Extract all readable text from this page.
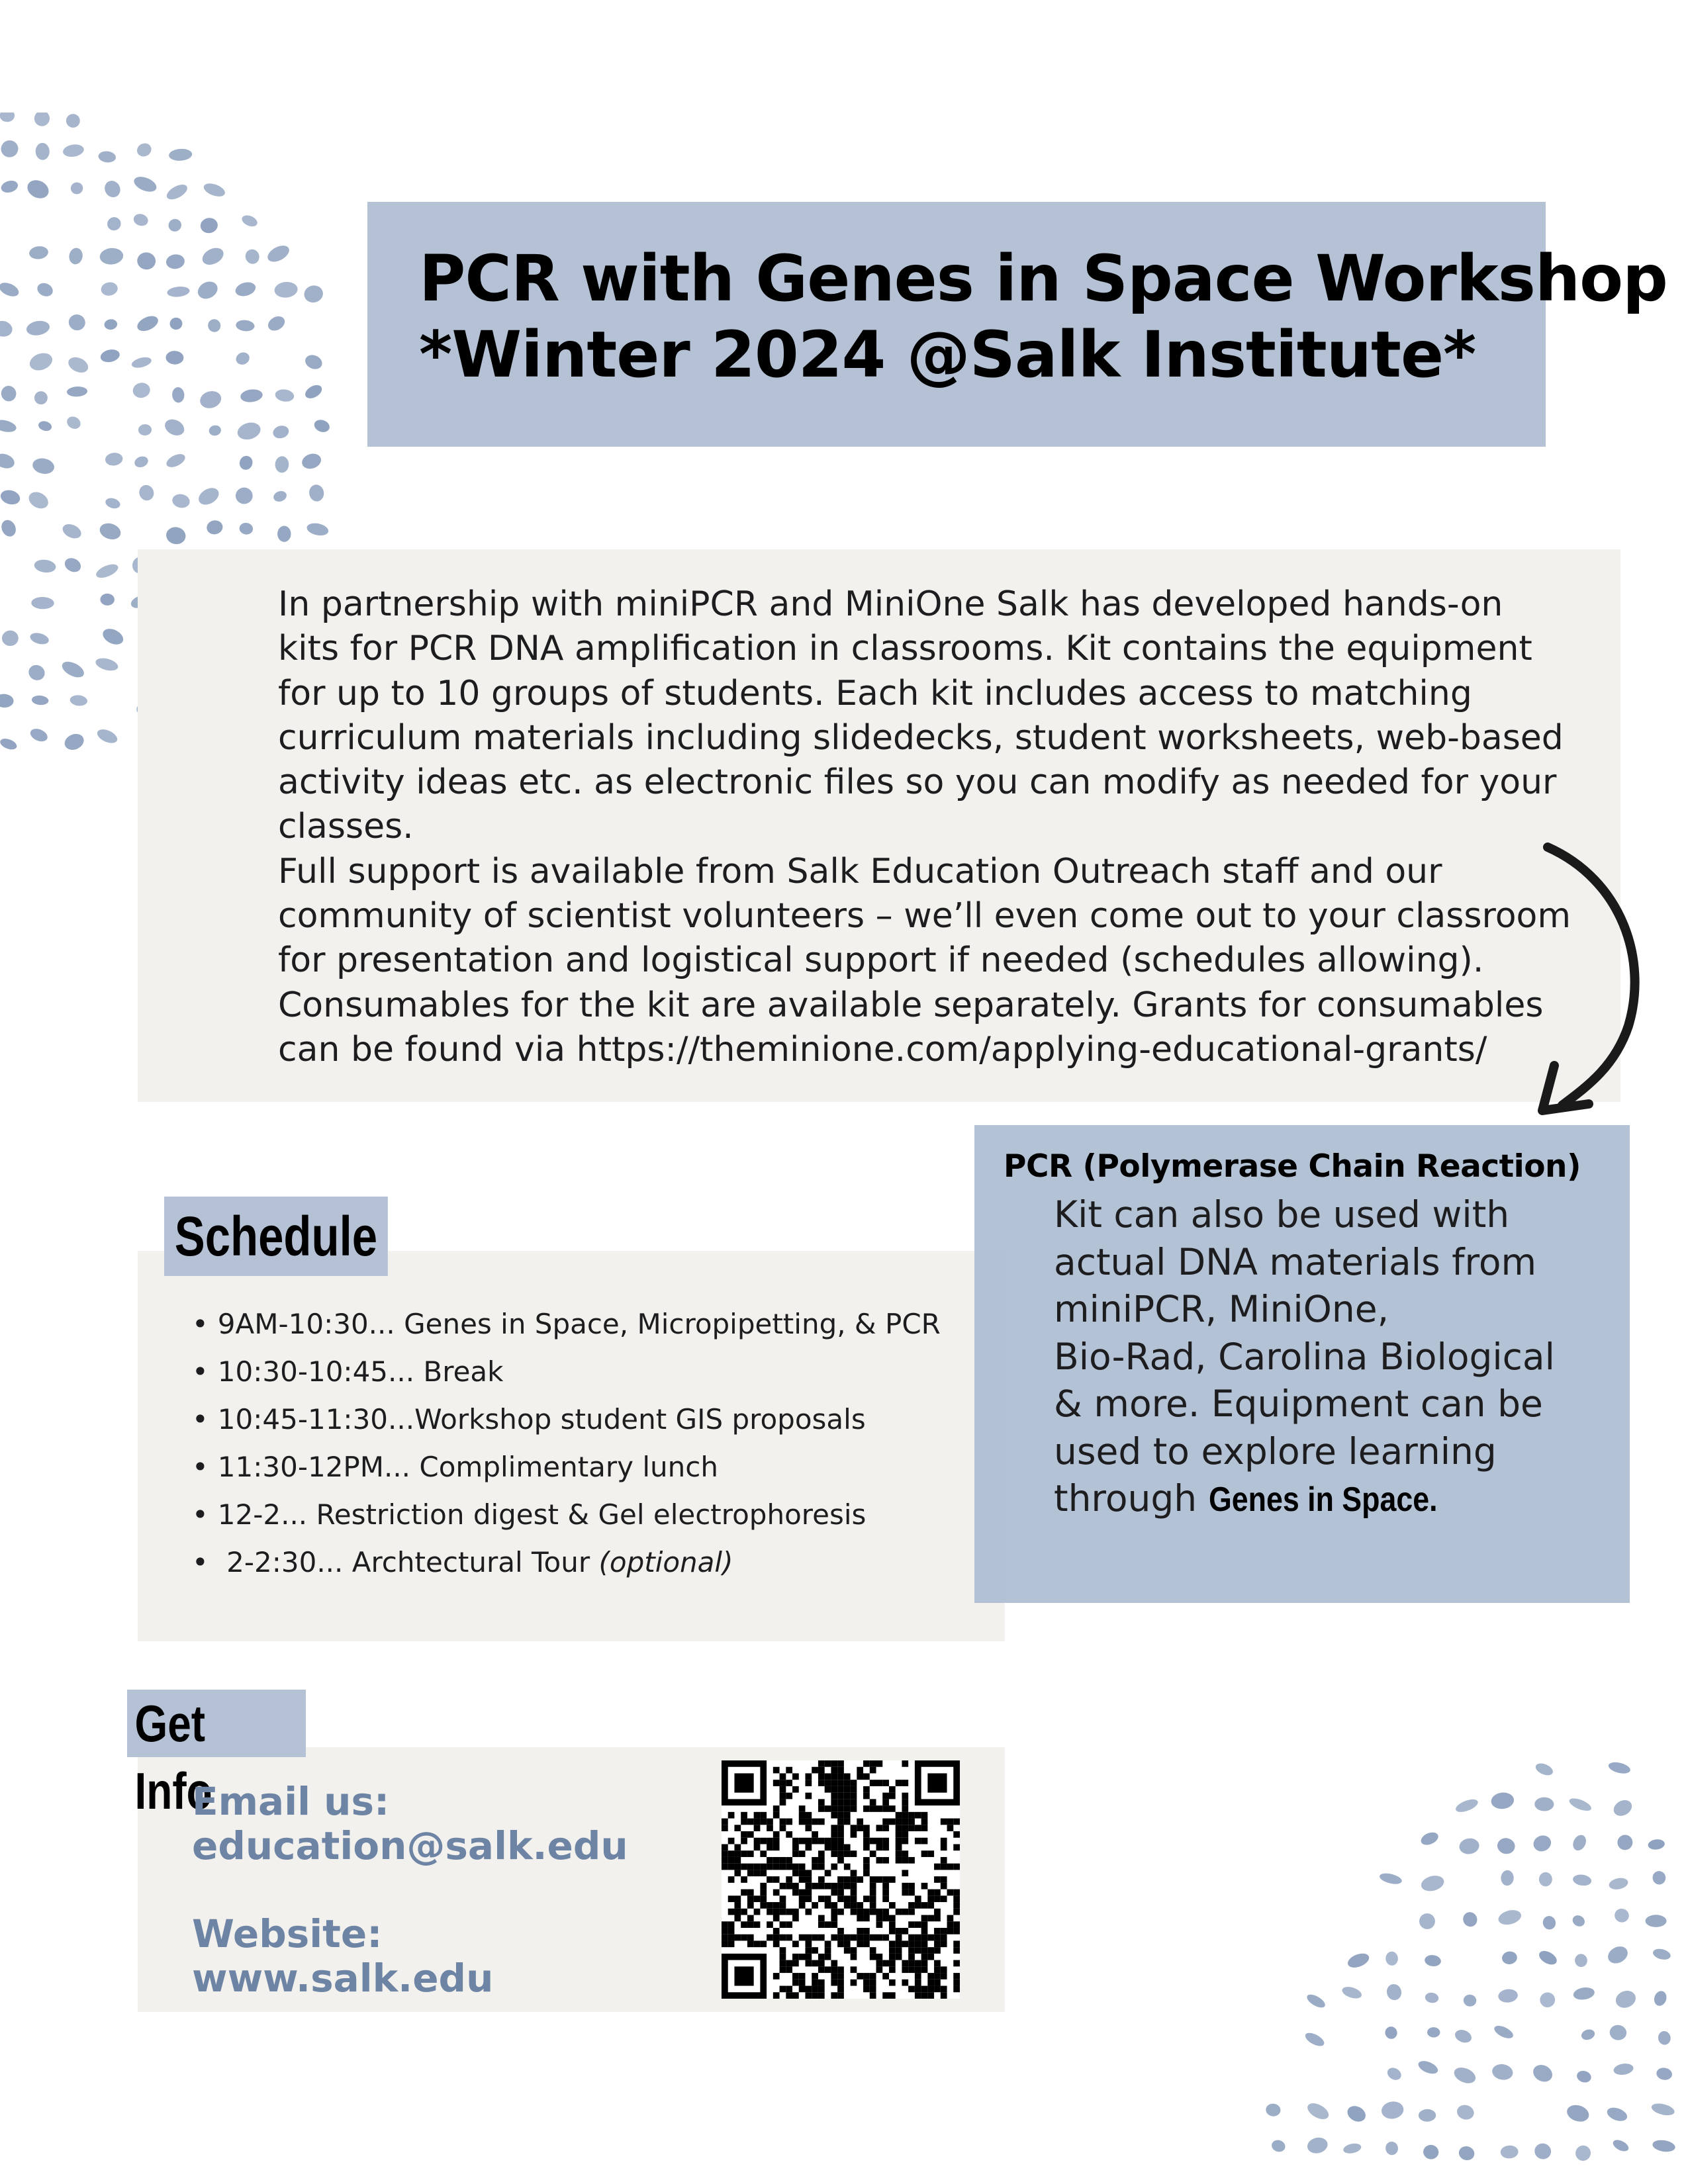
PCR with Genes in Space Workshop
*Winter 2024 @Salk Institute*

In partnership with miniPCR and MiniOne Salk has developed hands-on
kits for PCR DNA amplification in classrooms. Kit contains the equipment
for up to 10 groups of students. Each kit includes access to matching
curriculum materials including slidedecks, student worksheets, web-based
activity ideas etc. as electronic files so you can modify as needed for your
classes.

Full support is available from Salk Education Outreach staff and our
community of scientist volunteers – we’ll even come out to your classroom
for presentation and logistical support if needed (schedules allowing).
Consumables for the kit are available separately. Grants for consumables
can be found via https://theminione.com/applying-educational-grants/

Schedule
• 9AM-10:30... Genes in Space, Micropipetting, & PCR
• 10:30-10:45... Break
• 10:45-11:30...Workshop student GIS proposals
• 11:30-12PM... Complimentary lunch
• 12-2... Restriction digest & Gel electrophoresis
•  2-2:30... Archtectural Tour (optional)
PCR (Polymerase Chain Reaction)

Kit can also be used with
actual DNA materials from
miniPCR, MiniOne,
Bio-Rad, Carolina Biological
& more. Equipment can be
used to explore learning
through Genes in Space.

Get Info
Email us:
education@salk.edu
Website:
www.salk.edu
